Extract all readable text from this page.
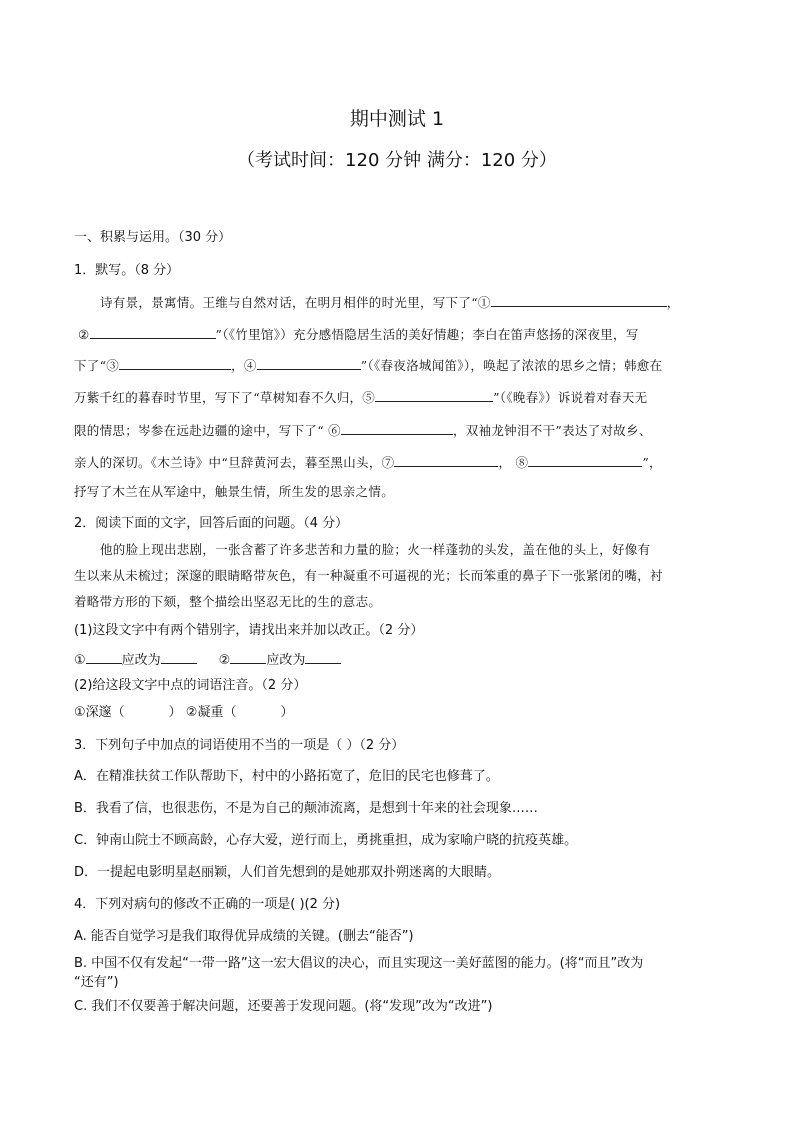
期中测试 1
（考试时间：120 分钟 满分：120 分）
一、积累与运用。（30 分）
1．默写。（8 分）
诗有景，景寓情。王维与自然对话，在明月相伴的时光里，写下了“①	，
②	”（《竹里馆》）充分感悟隐居生活的美好情趣；李白在笛声悠扬的深夜里，写
下了“③	，④	”（《春夜洛城闻笛》），唤起了浓浓的思乡之情；韩愈在
万紫千红的暮春时节里，写下了“草树知春不久归，⑤	”（《晚春》）诉说着对春天无
限的情思；岑参在远赴边疆的途中，写下了“ ⑥	，双袖龙钟泪不干”表达了对故乡、
亲人的深切。《木兰诗》中“旦辞黄河去，暮至黑山头，⑦	， ⑧	”，
抒写了木兰在从军途中，触景生情，所生发的思亲之情。
2．阅读下面的文字，回答后面的问题。（4 分）
他的脸上现出悲剧，一张含蓄了许多悲苦和力量的脸；火一样蓬勃的头发，盖在他的头上，好像有
生以来从未梳过；深邃的眼睛略带灰色，有一种凝重不可逼视的光；长而笨重的鼻子下一张紧闭的嘴，衬
着略带方形的下颏，整个描绘出坚忍无比的生的意志。
(1)这段文字中有两个错别字，请找出来并加以改正。（2 分）
①	应改为	②	应改为
(2)给这段文字中点的词语注音。（2 分）
①深邃（	） ②凝重（	）
3．下列句子中加点的词语使用不当的一项是（ ）（2 分）
A．在精准扶贫工作队帮助下，村中的小路拓宽了，危旧的民宅也修葺了。
B．我看了信，也很悲伤，不是为自己的颠沛流离，是想到十年来的社会现象……
C．钟南山院士不顾高龄，心存大爱，逆行而上，勇挑重担，成为家喻户晓的抗疫英雄。
D．一提起电影明星赵丽颖，人们首先想到的是她那双扑朔迷离的大眼睛。
4．下列对病句的修改不正确的一项是( )(2 分)
A. 能否自觉学习是我们取得优异成绩的关键。(删去“能否”)
B. 中国不仅有发起“一带一路”这一宏大倡议的决心，而且实现这一美好蓝图的能力。(将“而且”改为
“还有”)
C. 我们不仅要善于解决问题，还要善于发现问题。(将“发现”改为“改进”)
